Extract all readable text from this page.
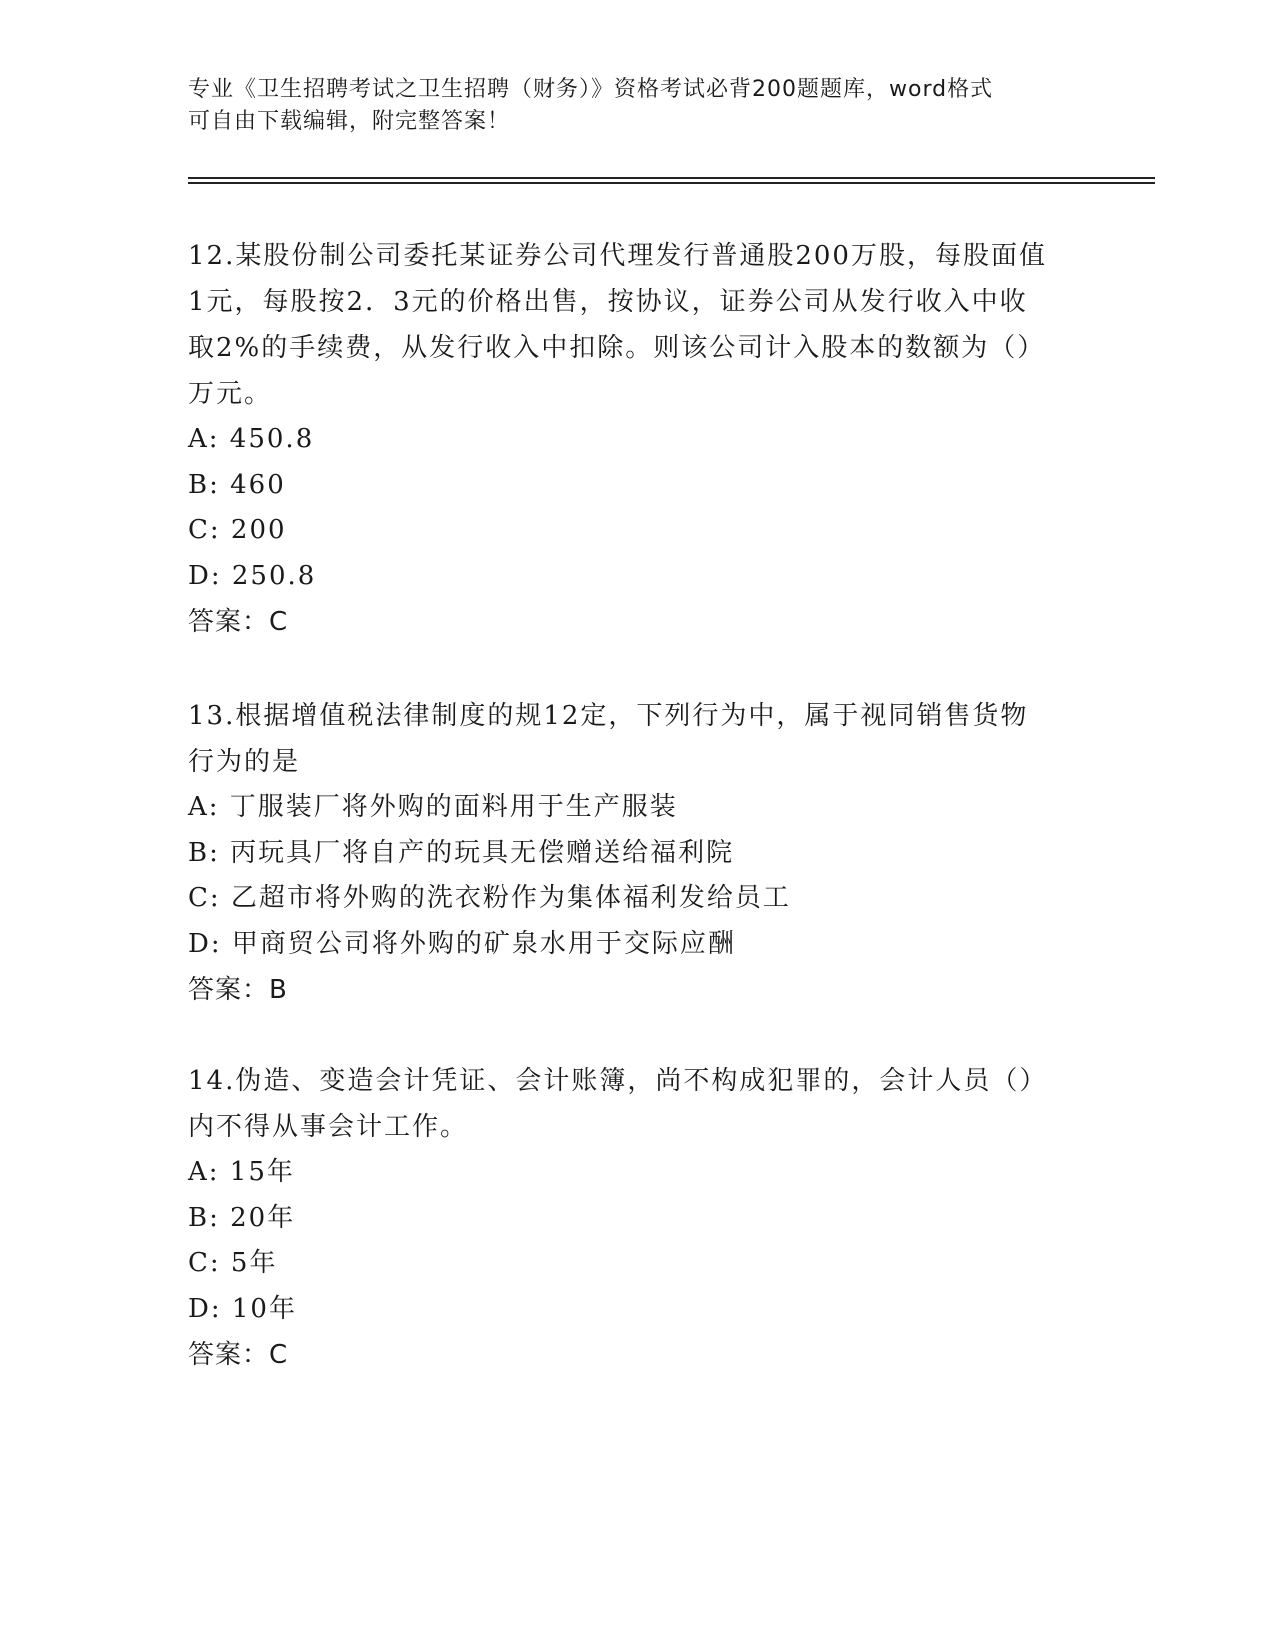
专业《卫生招聘考试之卫生招聘（财务）》资格考试必背200题题库，word格式
可自由下载编辑，附完整答案！
12.某股份制公司委托某证券公司代理发行普通股200万股，每股面值
1元，每股按2．3元的价格出售，按协议，证券公司从发行收入中收
取2%的手续费，从发行收入中扣除。则该公司计入股本的数额为（）
万元。
A: 450.8
B: 460
C: 200
D: 250.8
答案：C
13.根据增值税法律制度的规12定，下列行为中，属于视同销售货物
行为的是
A: 丁服装厂将外购的面料用于生产服装
B: 丙玩具厂将自产的玩具无偿赠送给福利院
C: 乙超市将外购的洗衣粉作为集体福利发给员工
D: 甲商贸公司将外购的矿泉水用于交际应酬
答案：B
14.伪造、变造会计凭证、会计账簿，尚不构成犯罪的，会计人员（）
内不得从事会计工作。
A: 15年
B: 20年
C: 5年
D: 10年
答案：C
